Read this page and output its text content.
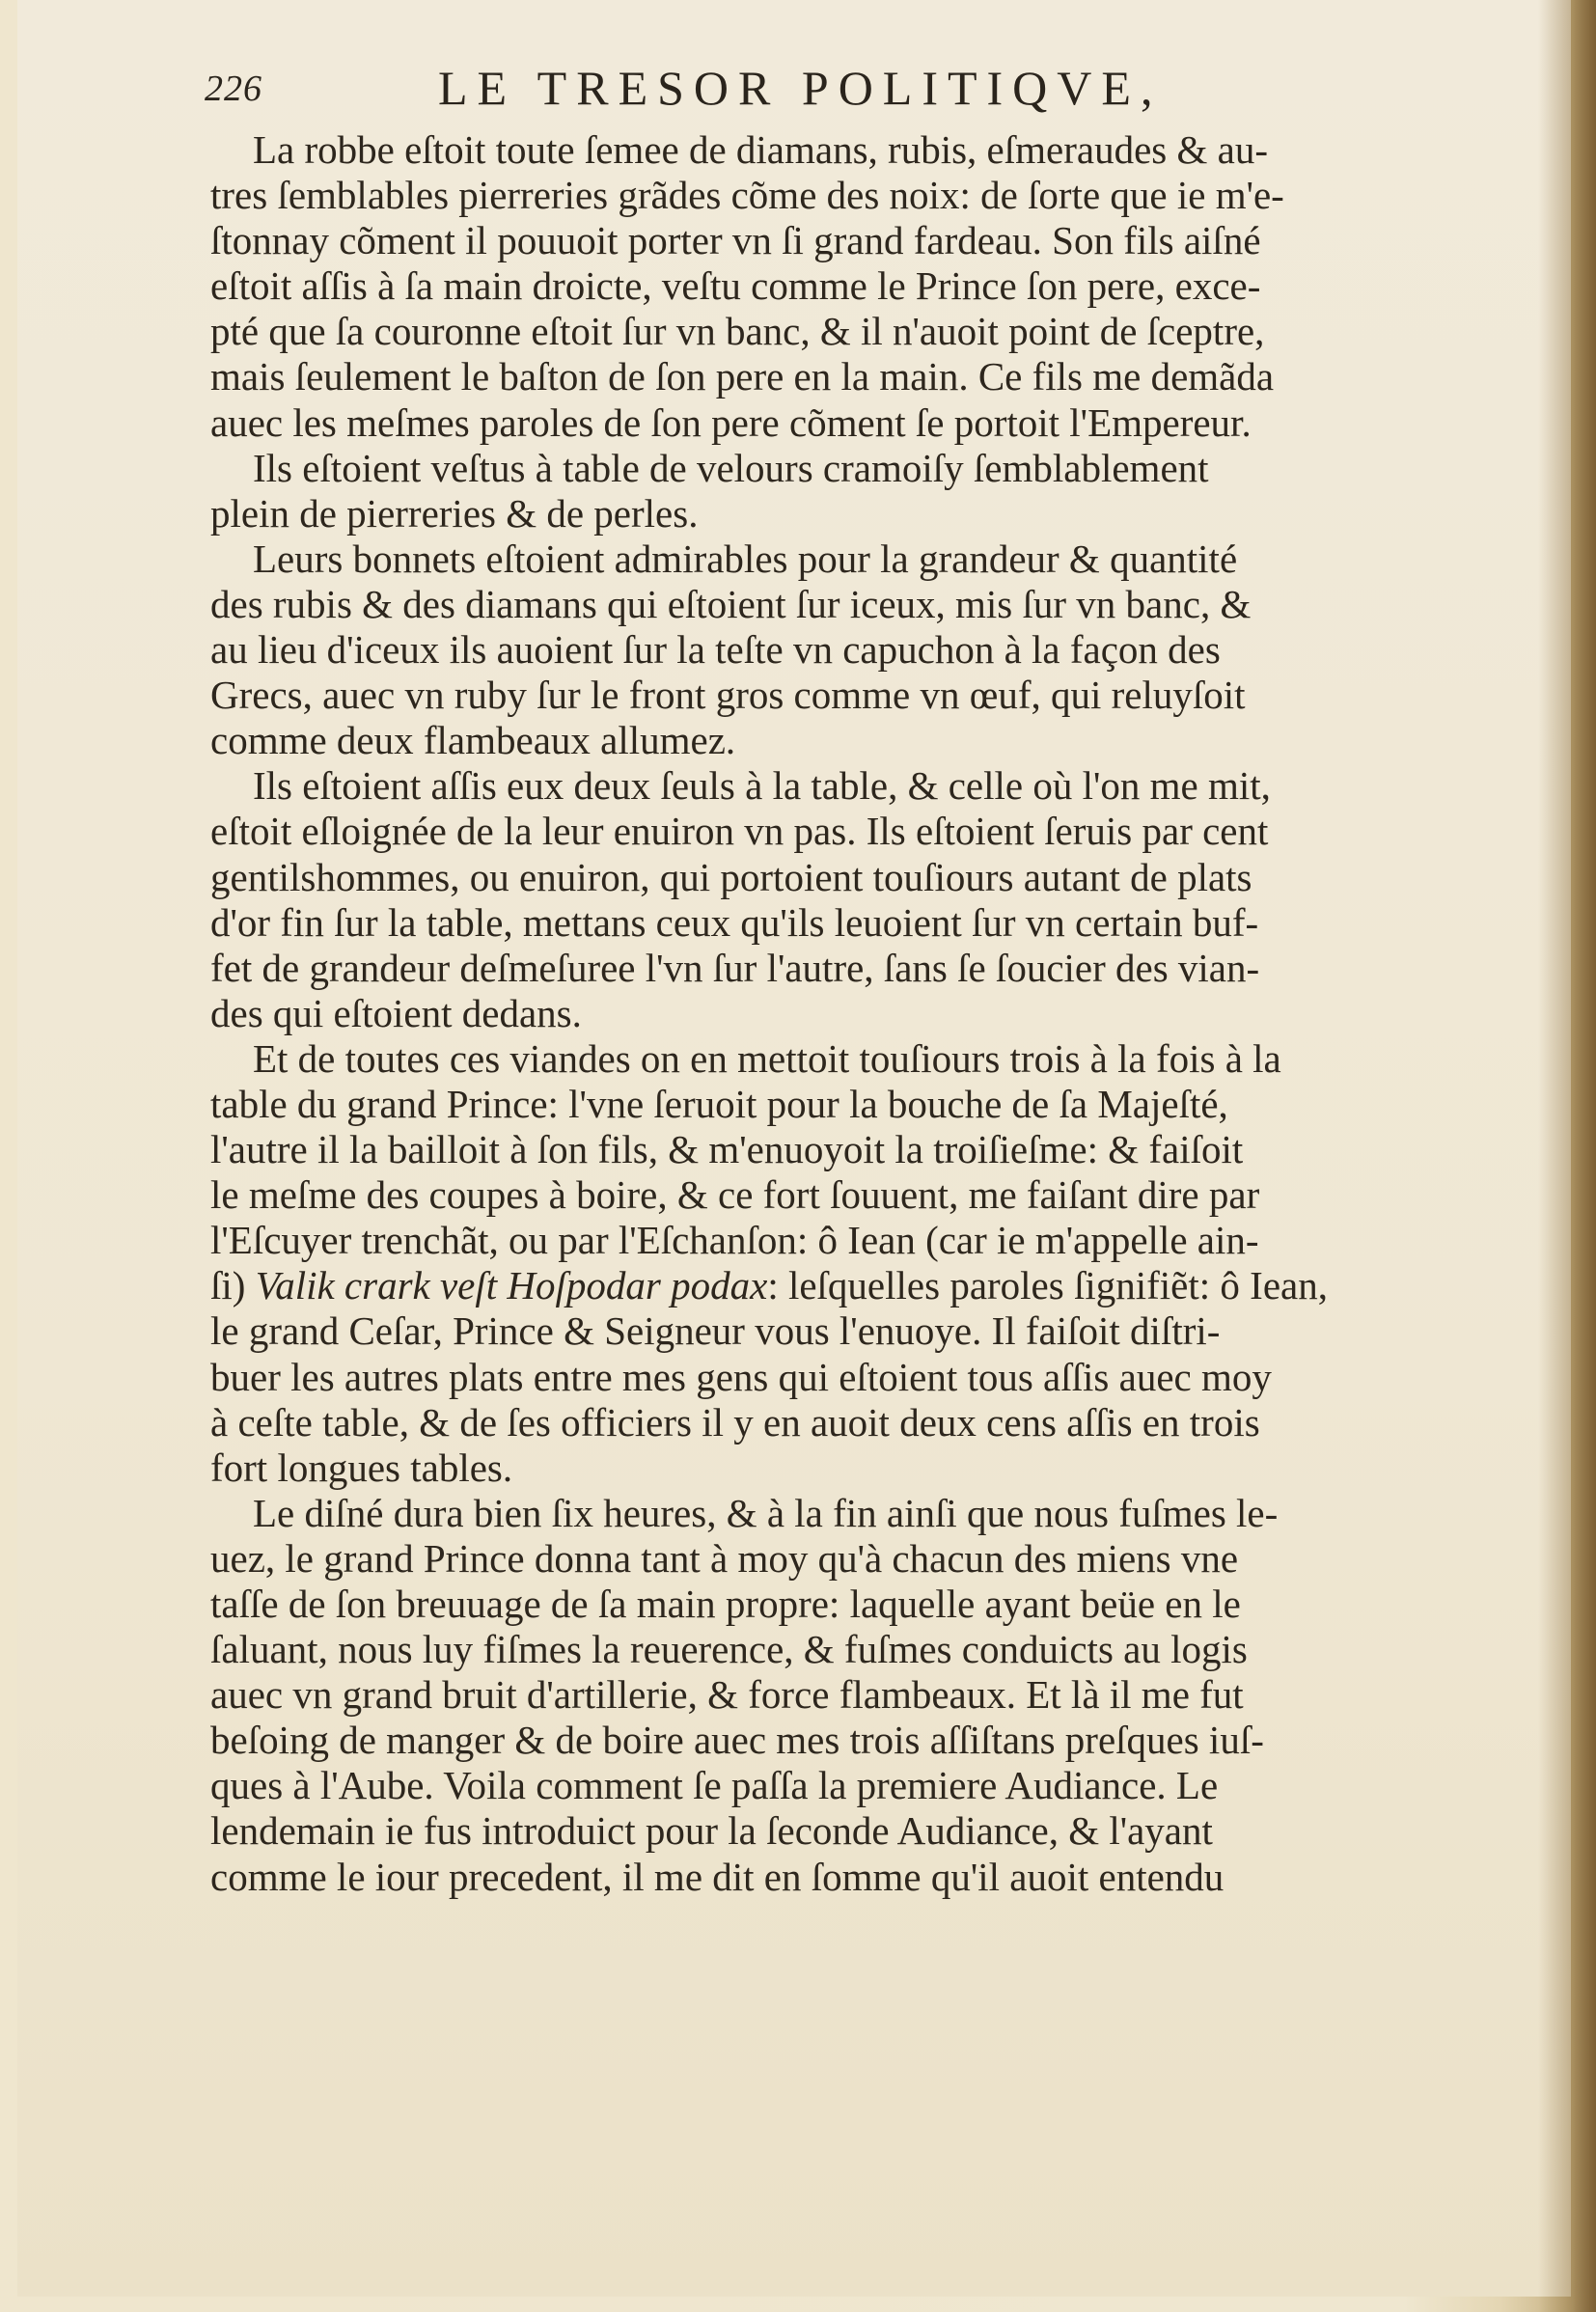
226	LE TRESOR POLITIQVE,
La robbe eſtoit toute ſemee de diamans, rubis, eſmeraudes & au-
tres ſemblables pierreries grãdes cõme des noix: de ſorte que ie m'e-
ſtonnay cõment il pouuoit porter vn ſi grand fardeau. Son fils aiſné
eſtoit aſſis à ſa main droicte, veſtu comme le Prince ſon pere, exce-
pté que ſa couronne eſtoit ſur vn banc, & il n'auoit point de ſceptre,
mais ſeulement le baſton de ſon pere en la main. Ce fils me demãda
auec les meſmes paroles de ſon pere cõment ſe portoit l'Empereur.
Ils eſtoient veſtus à table de velours cramoiſy ſemblablement
plein de pierreries & de perles.
Leurs bonnets eſtoient admirables pour la grandeur & quantité
des rubis & des diamans qui eſtoient ſur iceux, mis ſur vn banc, &
au lieu d'iceux ils auoient ſur la teſte vn capuchon à la façon des
Grecs, auec vn ruby ſur le front gros comme vn œuf, qui reluyſoit
comme deux flambeaux allumez.
Ils eſtoient aſſis eux deux ſeuls à la table, & celle où l'on me mit,
eſtoit eſloignée de la leur enuiron vn pas. Ils eſtoient ſeruis par cent
gentilshommes, ou enuiron, qui portoient touſiours autant de plats
d'or fin ſur la table, mettans ceux qu'ils leuoient ſur vn certain buf-
fet de grandeur deſmeſuree l'vn ſur l'autre, ſans ſe ſoucier des vian-
des qui eſtoient dedans.
Et de toutes ces viandes on en mettoit touſiours trois à la fois à la
table du grand Prince: l'vne ſeruoit pour la bouche de ſa Majeſté,
l'autre il la bailloit à ſon fils, & m'enuoyoit la troiſieſme: & faiſoit
le meſme des coupes à boire, & ce fort ſouuent, me faiſant dire par
l'Eſcuyer trenchãt, ou par l'Eſchanſon: ô Iean (car ie m'appelle ain-
ſi) Valik crark veſt Hoſpodar podax: leſquelles paroles ſignifiẽt: ô Iean,
le grand Ceſar, Prince & Seigneur vous l'enuoye. Il faiſoit diſtri-
buer les autres plats entre mes gens qui eſtoient tous aſſis auec moy
à ceſte table, & de ſes officiers il y en auoit deux cens aſſis en trois
fort longues tables.
Le diſné dura bien ſix heures, & à la fin ainſi que nous fuſmes le-
uez, le grand Prince donna tant à moy qu'à chacun des miens vne
taſſe de ſon breuuage de ſa main propre: laquelle ayant beüe en le
ſaluant, nous luy fiſmes la reuerence, & fuſmes conduicts au logis
auec vn grand bruit d'artillerie, & force flambeaux. Et là il me fut
beſoing de manger & de boire auec mes trois aſſiſtans preſques iuſ-
ques à l'Aube. Voila comment ſe paſſa la premiere Audiance. Le
lendemain ie fus introduict pour la ſeconde Audiance, & l'ayant
comme le iour precedent, il me dit en ſomme qu'il auoit entendu
